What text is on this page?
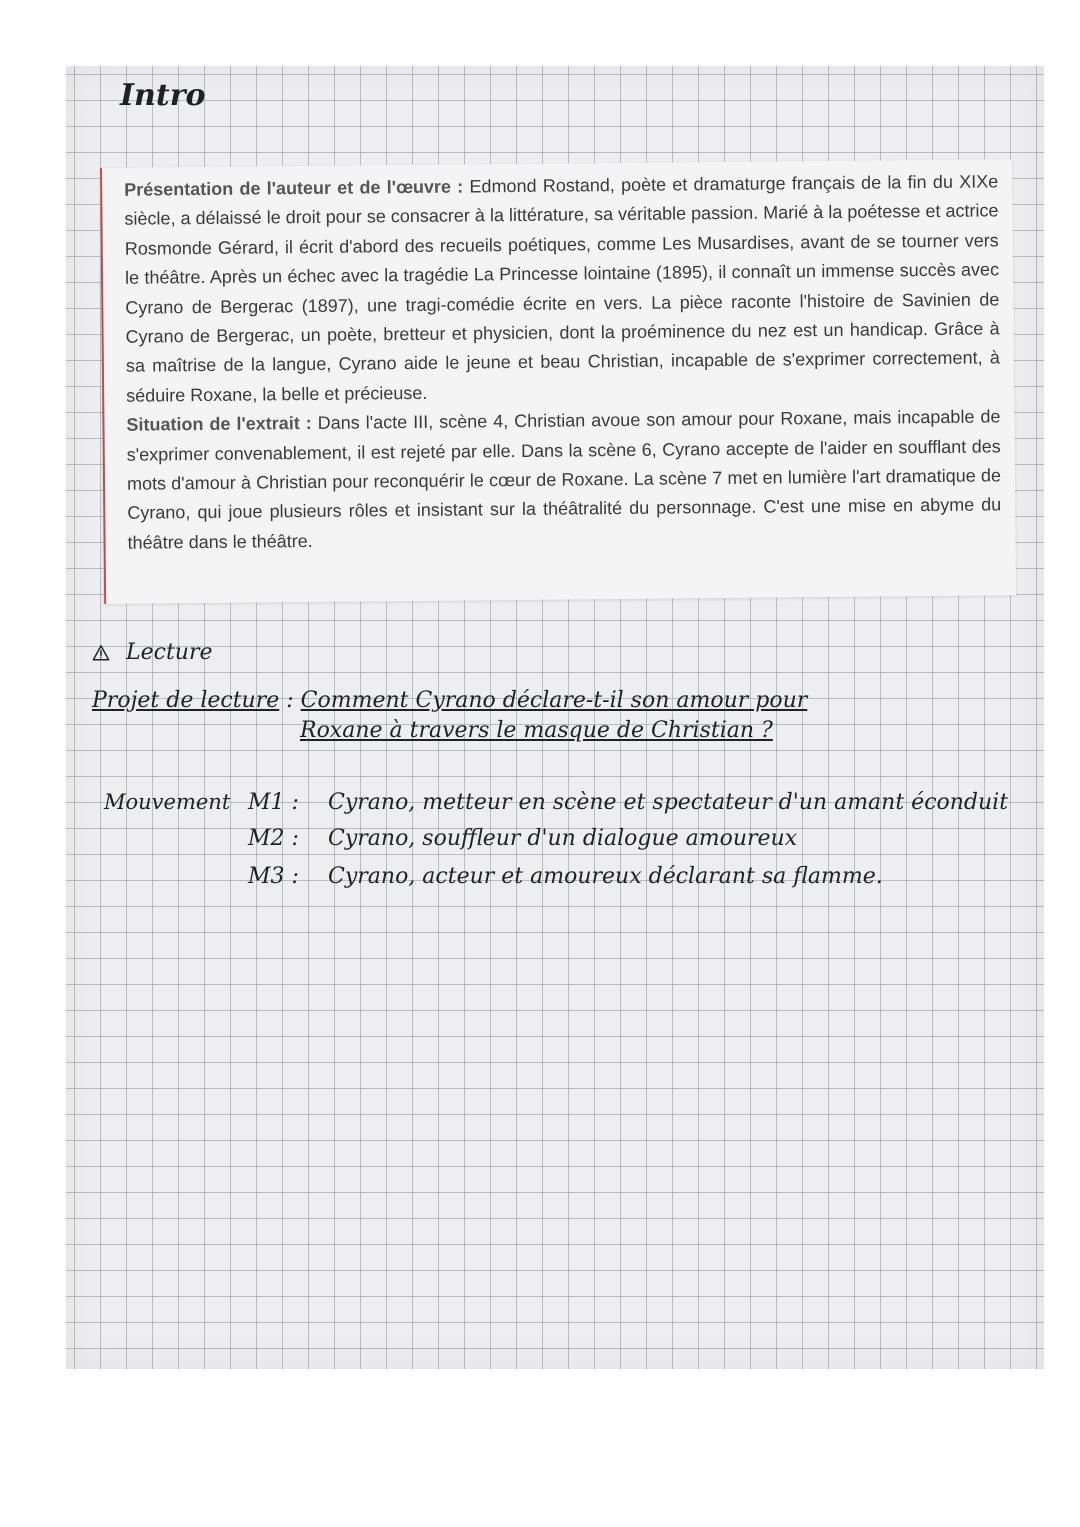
Intro

Présentation de l'auteur et de l'œuvre : Edmond Rostand, poète et dramaturge français de la fin du XIXe siècle, a délaissé le droit pour se consacrer à la littérature, sa véritable passion. Marié à la poétesse et actrice Rosmonde Gérard, il écrit d'abord des recueils poétiques, comme Les Musardises, avant de se tourner vers le théâtre. Après un échec avec la tragédie La Princesse lointaine (1895), il connaît un immense succès avec Cyrano de Bergerac (1897), une tragi-comédie écrite en vers. La pièce raconte l'histoire de Savinien de Cyrano de Bergerac, un poète, bretteur et physicien, dont la proéminence du nez est un handicap. Grâce à sa maîtrise de la langue, Cyrano aide le jeune et beau Christian, incapable de s'exprimer correctement, à séduire Roxane, la belle et précieuse.

Situation de l'extrait : Dans l'acte III, scène 4, Christian avoue son amour pour Roxane, mais incapable de s'exprimer convenablement, il est rejeté par elle. Dans la scène 6, Cyrano accepte de l'aider en soufflant des mots d'amour à Christian pour reconquérir le cœur de Roxane. La scène 7 met en lumière l'art dramatique de Cyrano, qui joue plusieurs rôles et insistant sur la théâtralité du personnage. C'est une mise en abyme du théâtre dans le théâtre.

Lecture
Projet de lecture : Comment Cyrano déclare-t-il son amour pour
Roxane à travers le masque de Christian ?
Mouvement M1 : Cyrano, metteur en scène et spectateur d'un amant éconduit
M2 : Cyrano, souffleur d'un dialogue amoureux
M3 : Cyrano, acteur et amoureux déclarant sa flamme.
